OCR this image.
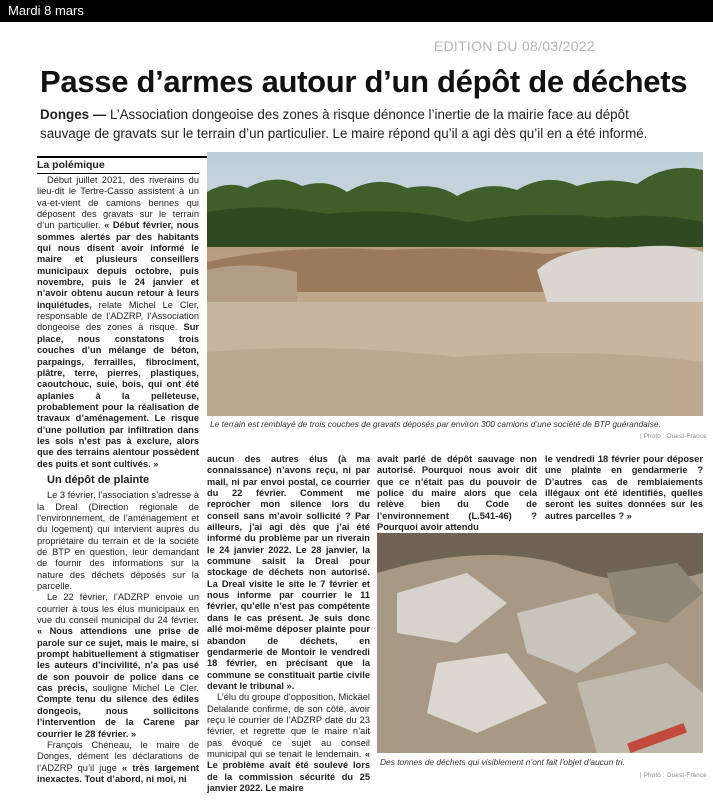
Mardi 8 mars
EDITION DU 08/03/2022
Passe d’armes autour d’un dépôt de déchets
Donges — L’Association dongeoise des zones à risque dénonce l’inertie de la mairie face au dépôt sauvage de gravats sur le terrain d’un particulier. Le maire répond qu’il a agi dès qu’il en a été informé.
La polémique

Début juillet 2021, des riverains du lieu-dit le Tertre-Casso assistent à un va-et-vient de camions bennes qui déposent des gravats sur le terrain d’un particulier. « Début février, nous sommes alertés par des habitants qui nous disent avoir informé le maire et plusieurs conseillers municipaux depuis octobre, puis novembre, puis le 24 janvier et n’avoir obtenu aucun retour à leurs inquiétudes, relate Michel Le Cler, responsable de l’ADZRP, l’Association dongeoise des zones à risque. Sur place, nous constatons trois couches d’un mélange de béton, parpaings, ferrailles, fibrociment, plâtre, terre, pierres, plastiques, caoutchouc, suie, bois, qui ont été aplanies à la pelleteuse, probablement pour la réalisation de travaux d’aménagement. Le risque d’une pollution par infiltration dans les sols n’est pas à exclure, alors que des terrains alentour possèdent des puits et sont cultivés. »

Un dépôt de plainte

Le 3 février, l’association s’adresse à la Dreal (Direction régionale de l’environnement, de l’aménagement et du logement) qui intervient auprès du propriétaire du terrain et de la société de BTP en question, leur demandant de fournir des informations sur la nature des déchets déposés sur la parcelle.

Le 22 février, l’ADZRP envoie un courrier à tous les élus municipaux en vue du conseil municipal du 24 février. « Nous attendions une prise de parole sur ce sujet, mais le maire, si prompt habituellement à stigmatiser les auteurs d’incivilité, n’a pas usé de son pouvoir de police dans ce cas précis, souligne Michel Le Cler. Compte tenu du silence des édiles dongeois, nous sollicitons l’intervention de la Carene par courrier le 28 février. »

François Chéneau, le maire de Donges, dément les déclarations de l’ADZRP qu’il juge « très largement inexactes. Tout d’abord, ni moi, ni

Le terrain est remblayé de trois couches de gravats déposés par environ 300 camions d’une société de BTP guérandaise.
| Photo : Ouest-France

aucun des autres élus (à ma connaissance) n’avons reçu, ni par mail, ni par envoi postal, ce courrier du 22 février. Comment me reprocher mon silence lors du conseil sans m’avoir sollicité ? Par ailleurs, j’ai agi dès que j’ai été informé du problème par un riverain le 24 janvier 2022. Le 28 janvier, la commune saisit la Dreal pour stockage de déchets non autorisé. La Dreal visite le site le 7 février et nous informe par courrier le 11 février, qu’elle n’est pas compétente dans le cas présent. Je suis donc allé moi-même déposer plainte pour abandon de déchets, en gendarmerie de Montoir le vendredi 18 février, en précisant que la commune se constituait partie civile devant le tribunal ».

L’élu du groupe d’opposition, Mickäel Delalande confirme, de son côté, avoir reçu le courrier de l’ADZRP daté du 23 février, et regrette que le maire n’ait pas évoqué ce sujet au conseil municipal qui se tenait le lendemain. « Le problème avait été soulevé lors de la commission sécurité du 25 janvier 2022. Le maire

avait parlé de dépôt sauvage non autorisé. Pourquoi nous avoir dit que ce n’était pas du pouvoir de police du maire alors que cela relève bien du Code de l’environnement (L.541-46) ? Pourquoi avoir attendu

le vendredi 18 février pour déposer une plainte en gendarmerie ? D’autres cas de remblaiements illégaux ont été identifiés, quelles seront les suites données sur les autres parcelles ? »

Des tonnes de déchets qui visiblement n’ont fait l’objet d’aucun tri.
| Photo : Ouest-France
